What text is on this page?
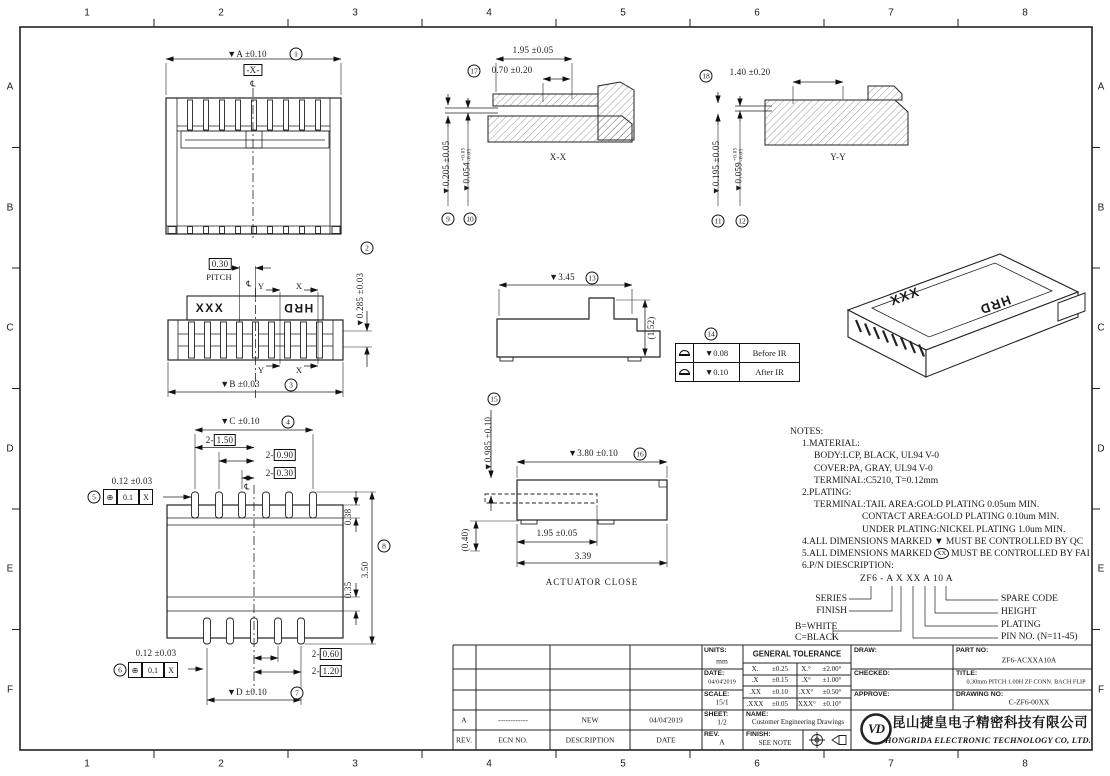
1	2	3	4	5	6	7	8
1	2	3	4	5	6	7	8
A
B
C
D
E
F
A
B
C
D
E
F
▼A ±0.10	1
-X-
℄
0.30
PITCH
℄ Y	X
Y	X
XXX	HRD
▼B ±0.03	3
▼0.285 ±0.03
2
▼C ±0.10	4
2- 1.50
2- 0.90
2- 0.30
0.12 ±0.03
⊕	0.1	X
5
℄
0.38
8
3.50
0.35
0.12 ±0.03
⊕	0.1	X
6
2- 0.60
2- 1.20
▼D ±0.10	7
1.95 ±0.05
17	0.70 ±0.20
X-X
▼0.205 ±0.05
9
▼0.054
+0.05 -0.03
10
18	1.40 ±0.20
Y-Y
▼0.195 ±0.05
11
▼0.059
+0.05 -0.03
12
▼3.45	13
(1.52)	14
▼0.08	Before IR
▼0.10	After IR
15
▼0.985 ±0.10	▼3.80 ±0.10	16
(0.40)	1.95 ±0.05
3.39
ACTUATOR CLOSE
XXX	HRD
NOTES:
1.MATERIAL:
BODY:LCP, BLACK, UL94 V-0
COVER:PA, GRAY, UL94 V-0
TERMINAL:C5210, T=0.12mm
2.PLATING:
TERMINAL:TAIL AREA:GOLD PLATING 0.05um MIN.
CONTACT AREA:GOLD PLATING 0.10um MIN.
UNDER PLATING:NICKEL PLATING 1.0um MIN.
4.ALL DIMENSIONS MARKED ▼ MUST BE CONTROLLED BY QC
5.ALL DIMENSIONS MARKED XX MUST BE CONTROLLED BY FAI
6.P/N DIESCRIPTION:
ZF6 - A X XX A 10 A
SERIES
FINISH
B=WHITE
C=BLACK
SPARE CODE
HEIGHT
PLATING
PIN NO. (N=11-45)
A	------------	NEW	04/04'2019
REV.	ECN NO.	DESCRIPTION	DATE
UNITS:
mm
DATE:
04/04'2019
SCALE:
15/1
SHEET:
1/2
REV.
A
GENERAL TOLERANCE
X. ±0.25 X.° ±2.00°
.X ±0.15 .X° ±1.00°
.XX ±0.10 .XX° ±0.50°
.XXX ±0.05 .XXX° ±0.10°
NAME:
Customer Engineering Drawings
FINISH:
SEE NOTE
DRAW:
CHECKED:
APPROVE:
PART NO:
ZF6-ACXXA10A
TITLE:
0.30mm PITCH 1.00H ZF CONN. BACH FLIP
DRAWING NO:
C-ZF6-00XX
VD 昆山捷皇电子精密科技有限公司
HONGRIDA ELECTRONIC TECHNOLOGY CO, LTD.
